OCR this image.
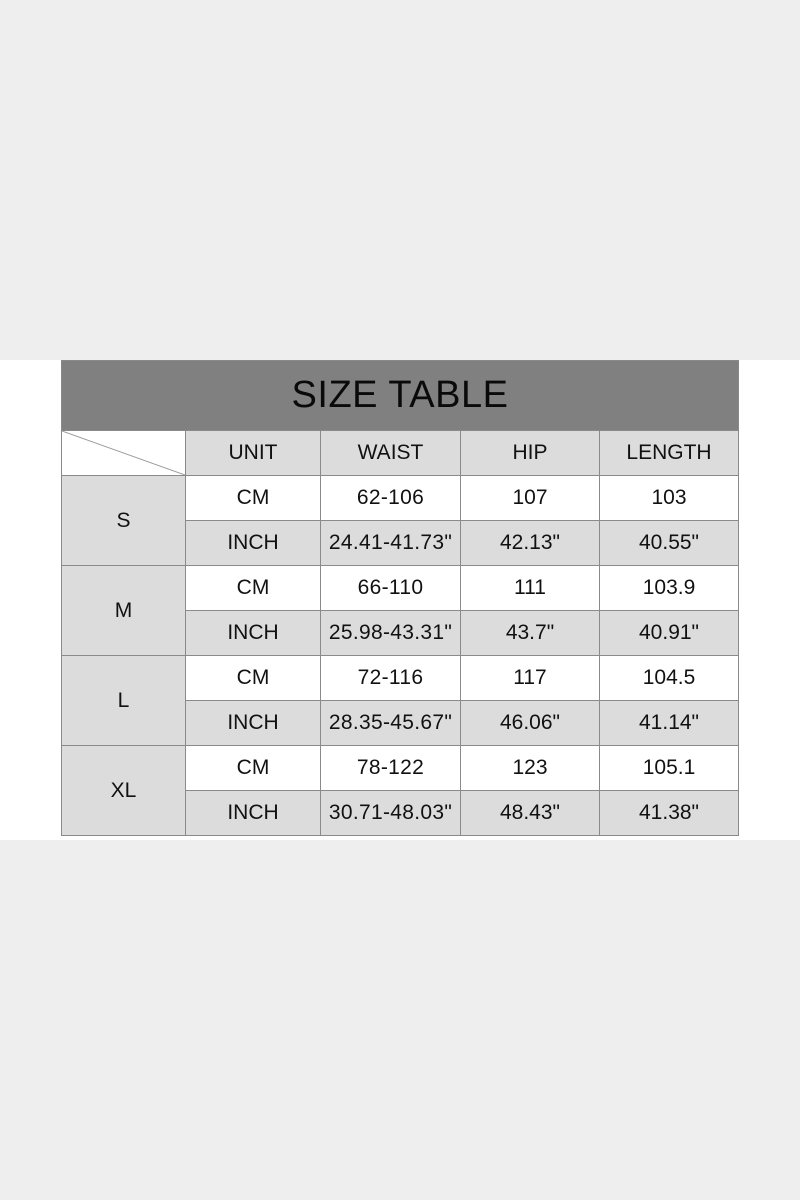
SIZE TABLE				

	UNIT	WAIST	HIP	LENGTH
S	CM	62-106	107	103
	INCH	24.41-41.73"	42.13"	40.55"
M	CM	66-110	111	103.9
	INCH	25.98-43.31"	43.7"	40.91"
L	CM	72-116	117	104.5
	INCH	28.35-45.67"	46.06"	41.14"
XL	CM	78-122	123	105.1
	INCH	30.71-48.03"	48.43"	41.38"
